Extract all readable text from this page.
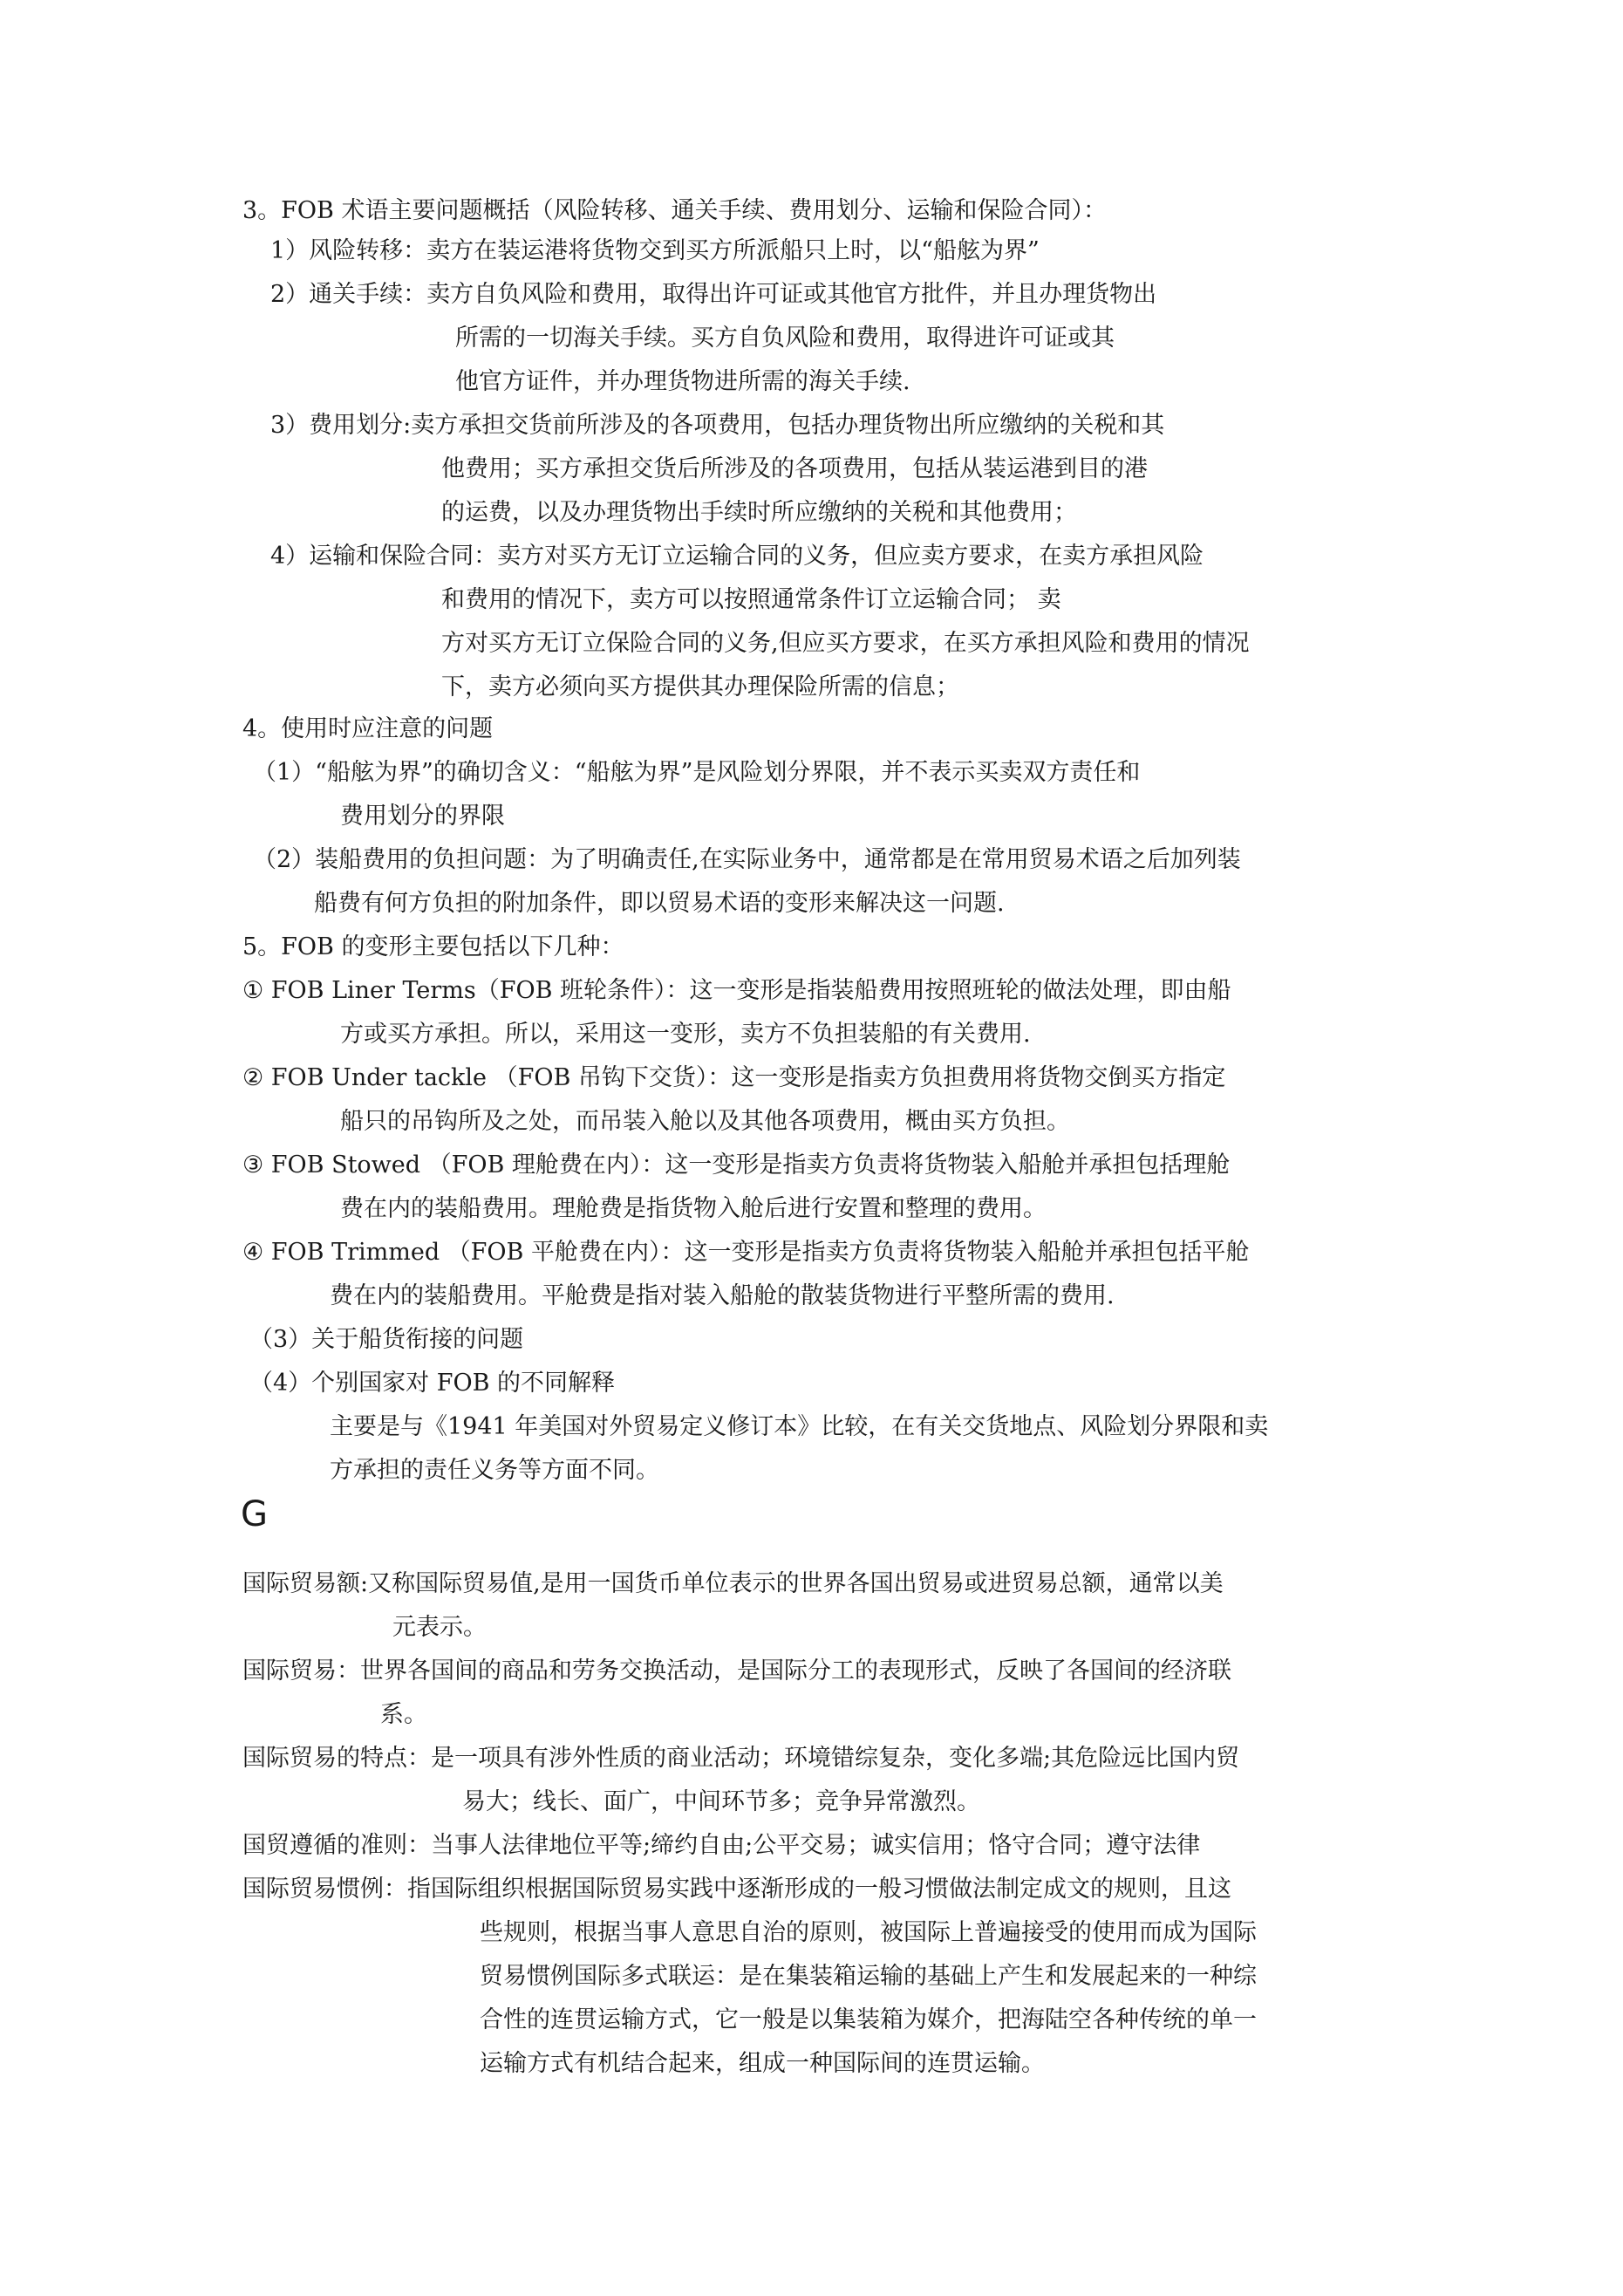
3。FOB 术语主要问题概括（风险转移、通关手续、费用划分、运输和保险合同）：
1）风险转移：卖方在装运港将货物交到买方所派船只上时，以“船舷为界”
2）通关手续：卖方自负风险和费用，取得出许可证或其他官方批件，并且办理货物出
所需的一切海关手续。买方自负风险和费用，取得进许可证或其
他官方证件，并办理货物进所需的海关手续.
3）费用划分:卖方承担交货前所涉及的各项费用，包括办理货物出所应缴纳的关税和其
他费用；买方承担交货后所涉及的各项费用，包括从装运港到目的港
的运费，以及办理货物出手续时所应缴纳的关税和其他费用；
4）运输和保险合同：卖方对买方无订立运输合同的义务，但应卖方要求，在卖方承担风险
和费用的情况下，卖方可以按照通常条件订立运输合同； 卖
方对买方无订立保险合同的义务,但应买方要求，在买方承担风险和费用的情况
下，卖方必须向买方提供其办理保险所需的信息；
4。使用时应注意的问题
（1）“船舷为界”的确切含义：“船舷为界”是风险划分界限，并不表示买卖双方责任和
费用划分的界限
（2）装船费用的负担问题：为了明确责任,在实际业务中，通常都是在常用贸易术语之后加列装
船费有何方负担的附加条件，即以贸易术语的变形来解决这一问题.
5。FOB 的变形主要包括以下几种：
① FOB Liner Terms（FOB 班轮条件）：这一变形是指装船费用按照班轮的做法处理，即由船
方或买方承担。所以，采用这一变形，卖方不负担装船的有关费用.
② FOB Under tackle （FOB 吊钩下交货）：这一变形是指卖方负担费用将货物交倒买方指定
船只的吊钩所及之处，而吊装入舱以及其他各项费用，概由买方负担。
③ FOB Stowed （FOB 理舱费在内）：这一变形是指卖方负责将货物装入船舱并承担包括理舱
费在内的装船费用。理舱费是指货物入舱后进行安置和整理的费用。
④ FOB Trimmed （FOB 平舱费在内）：这一变形是指卖方负责将货物装入船舱并承担包括平舱
费在内的装船费用。平舱费是指对装入船舱的散装货物进行平整所需的费用.
（3）关于船货衔接的问题
（4）个别国家对 FOB 的不同解释
主要是与《1941 年美国对外贸易定义修订本》比较，在有关交货地点、风险划分界限和卖
方承担的责任义务等方面不同。
G
国际贸易额:又称国际贸易值,是用一国货币单位表示的世界各国出贸易或进贸易总额，通常以美
元表示。
国际贸易：世界各国间的商品和劳务交换活动，是国际分工的表现形式，反映了各国间的经济联
系。
国际贸易的特点：是一项具有涉外性质的商业活动；环境错综复杂，变化多端;其危险远比国内贸
易大；线长、面广，中间环节多；竞争异常激烈。
国贸遵循的准则：当事人法律地位平等;缔约自由;公平交易；诚实信用；恪守合同；遵守法律
国际贸易惯例：指国际组织根据国际贸易实践中逐渐形成的一般习惯做法制定成文的规则，且这
些规则，根据当事人意思自治的原则，被国际上普遍接受的使用而成为国际
贸易惯例国际多式联运：是在集装箱运输的基础上产生和发展起来的一种综
合性的连贯运输方式，它一般是以集装箱为媒介，把海陆空各种传统的单一
运输方式有机结合起来，组成一种国际间的连贯运输。
